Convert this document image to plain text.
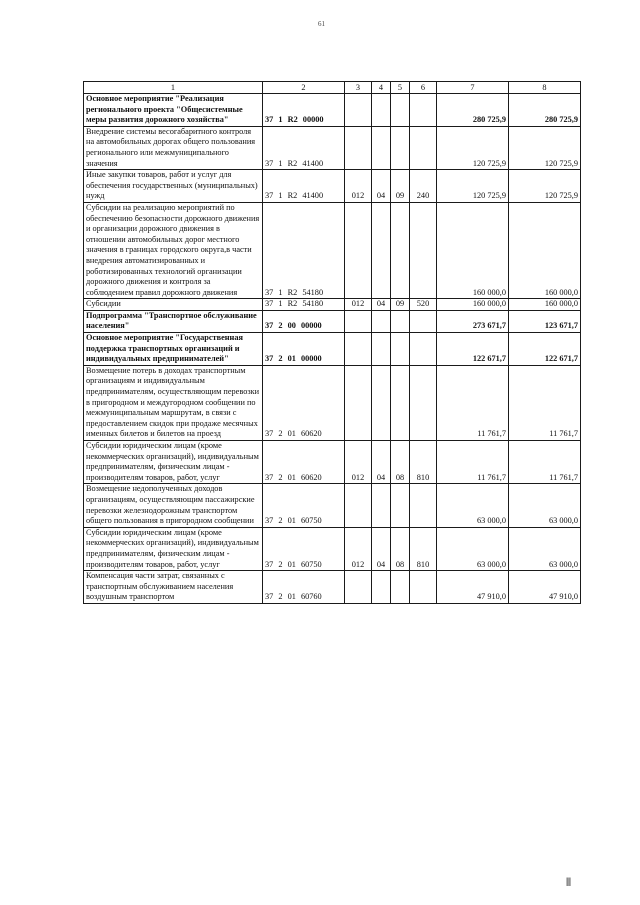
61
1	2	3	4	5	6	7	8
Основное мероприятие "Реализация регионального проекта "Общесистемные меры развития дорожного хозяйства"	37 1 R2 00000					280 725,9	280 725,9
Внедрение системы весогабаритного контроля на автомобильных дорогах общего пользования регионального или межмуниципального значения	37 1 R2 41400					120 725,9	120 725,9
Иные закупки товаров, работ и услуг для обеспечения государственных (муниципальных) нужд	37 1 R2 41400	012	04	09	240	120 725,9	120 725,9
Субсидии на реализацию мероприятий по обеспечению безопасности дорожного движения и организации дорожного движения в отношении автомобильных дорог местного значения в границах городского округа,в части внедрения автоматизированных и роботизированных технологий организации дорожного движения и контроля за соблюдением правил дорожного движения	37 1 R2 54180					160 000,0	160 000,0
Субсидии	37 1 R2 54180	012	04	09	520	160 000,0	160 000,0
Подпрограмма "Транспортное обслуживание населения"	37 2 00 00000					273 671,7	123 671,7
Основное мероприятие "Государственная поддержка транспортных организаций и индивидуальных предпринимателей"	37 2 01 00000					122 671,7	122 671,7
Возмещение потерь в доходах транспортным организациям и индивидуальным предпринимателям, осуществляющим перевозки в пригородном и междугородном сообщении по межмуниципальным маршрутам, в связи с предоставлением скидок при продаже месячных именных билетов и билетов на проезд	37 2 01 60620					11 761,7	11 761,7
Субсидии юридическим лицам (кроме некоммерческих организаций), индивидуальным предпринимателям, физическим лицам - производителям товаров, работ, услуг	37 2 01 60620	012	04	08	810	11 761,7	11 761,7
Возмещение недополученных доходов организациям, осуществляющим пассажирские перевозки железнодорожным транспортом общего пользования в пригородном сообщении	37 2 01 60750					63 000,0	63 000,0
Субсидии юридическим лицам (кроме некоммерческих организаций), индивидуальным предпринимателям, физическим лицам - производителям товаров, работ, услуг	37 2 01 60750	012	04	08	810	63 000,0	63 000,0
Компенсация части затрат, связанных с транспортным обслуживанием населения воздушным транспортом	37 2 01 60760					47 910,0	47 910,0
|||||
